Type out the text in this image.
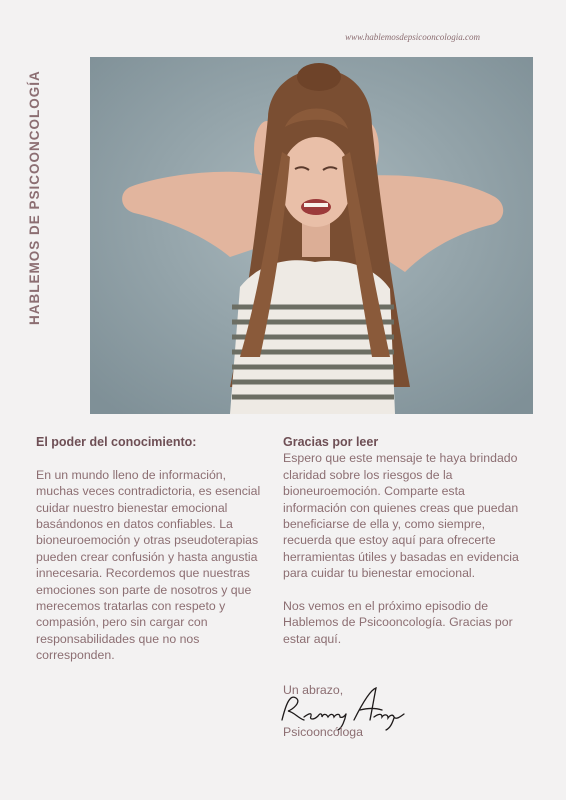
www.hablemosdepsicooncologia.com
HABLEMOS DE PSICOONCOLOGÍA
El poder del conocimiento:
En un mundo lleno de información, muchas veces contradictoria, es esencial cuidar nuestro bienestar emocional basándonos en datos confiables. La bioneuroemoción y otras pseudoterapias pueden crear confusión y hasta angustia innecesaria. Recordemos que nuestras emociones son parte de nosotros y que merecemos tratarlas con respeto y compasión, pero sin cargar con responsabilidades que no nos corresponden.
Gracias por leer
Espero que este mensaje te haya brindado claridad sobre los riesgos de la bioneuroemoción. Comparte esta información con quienes creas que puedan beneficiarse de ella y, como siempre, recuerda que estoy aquí para ofrecerte herramientas útiles y basadas en evidencia para cuidar tu bienestar emocional.
Nos vemos en el próximo episodio de Hablemos de Psicooncología. Gracias por estar aquí.
Un abrazo,
Psicooncóloga
